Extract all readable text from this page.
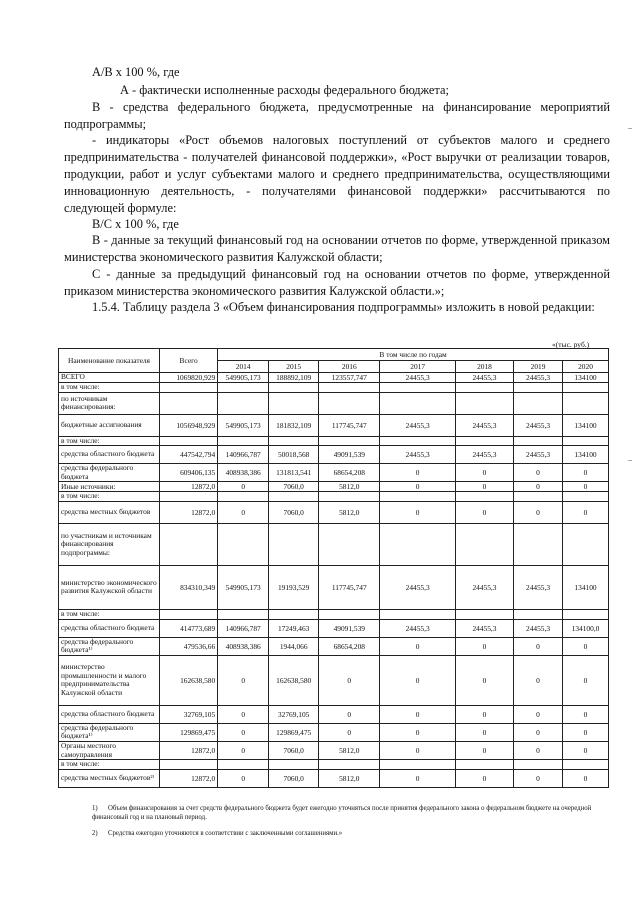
А/В x 100 %, где
А - фактически исполненные расходы федерального бюджета;
В - средства федерального бюджета, предусмотренные на финансирование мероприятий подпрограммы;
- индикаторы «Рост объемов налоговых поступлений от субъектов малого и среднего предпринимательства - получателей финансовой поддержки», «Рост выручки от реализации товаров, продукции, работ и услуг субъектами малого и среднего предпринимательства, осуществляющими инновационную деятельность, - получателями финансовой поддержки» рассчитываются по следующей формуле:
В/С x 100 %, где
В - данные за текущий финансовый год на основании отчетов по форме, утвержденной приказом министерства экономического развития Калужской области;
С - данные за предыдущий финансовый год на основании отчетов по форме, утвержденной приказом министерства экономического развития Калужской области.»;
1.5.4. Таблицу раздела 3 «Объем финансирования подпрограммы» изложить в новой редакции:
«(тыс. руб.)
Наименование показателя	Всего	В том числе по годам						
		2014	2015	2016	2017	2018	2019	2020
ВСЕГО	1069820,929	549905,173	188892,109	123557,747	24455,3	24455,3	24455,3	134100
в том числе:								
по источникам финансирования:								
бюджетные ассигнования	1056948,929	549905,173	181832,109	117745,747	24455,3	24455,3	24455,3	134100
в том числе:								
средства областного бюджета	447542,794	140966,787	50018,568	49091,539	24455,3	24455,3	24455,3	134100
средства федерального бюджета	609406,135	408938,386	131813,541	68654,208	0	0	0	0
Иные источники:	12872,0	0	7060,0	5812,0	0	0	0	0
в том числе:								
средства местных бюджетов	12872,0	0	7060,0	5812,0	0	0	0	0
по участникам и источникам финансирования подпрограммы:								
министерство экономического развития Калужской области	834310,349	549905,173	19193,529	117745,747	24455,3	24455,3	24455,3	134100
в том числе:								
средства областного бюджета	414773,689	140966,787	17249,463	49091,539	24455,3	24455,3	24455,3	134100,0
средства федерального бюджета¹⁾	479536,66	408938,386	1944,066	68654,208	0	0	0	0
министерство промышленности и малого предпринимательства Калужской области	162638,580	0	162638,580	0	0	0	0	0
средства областного бюджета	32769,105	0	32769,105	0	0	0	0	0
средства федерального бюджета¹⁾	129869,475	0	129869,475	0	0	0	0	0
Органы местного самоуправления	12872,0	0	7060,0	5812,0	0	0	0	0
в том числе:								
средства местных бюджетов²⁾	12872,0	0	7060,0	5812,0	0	0	0	0
1) Объем финансирования за счет средств федерального бюджета будет ежегодно уточняться после принятия федерального закона о федеральном бюджете на очередной финансовый год и на плановый период.
2) Средства ежегодно уточняются в соответствии с заключенными соглашениями.»
